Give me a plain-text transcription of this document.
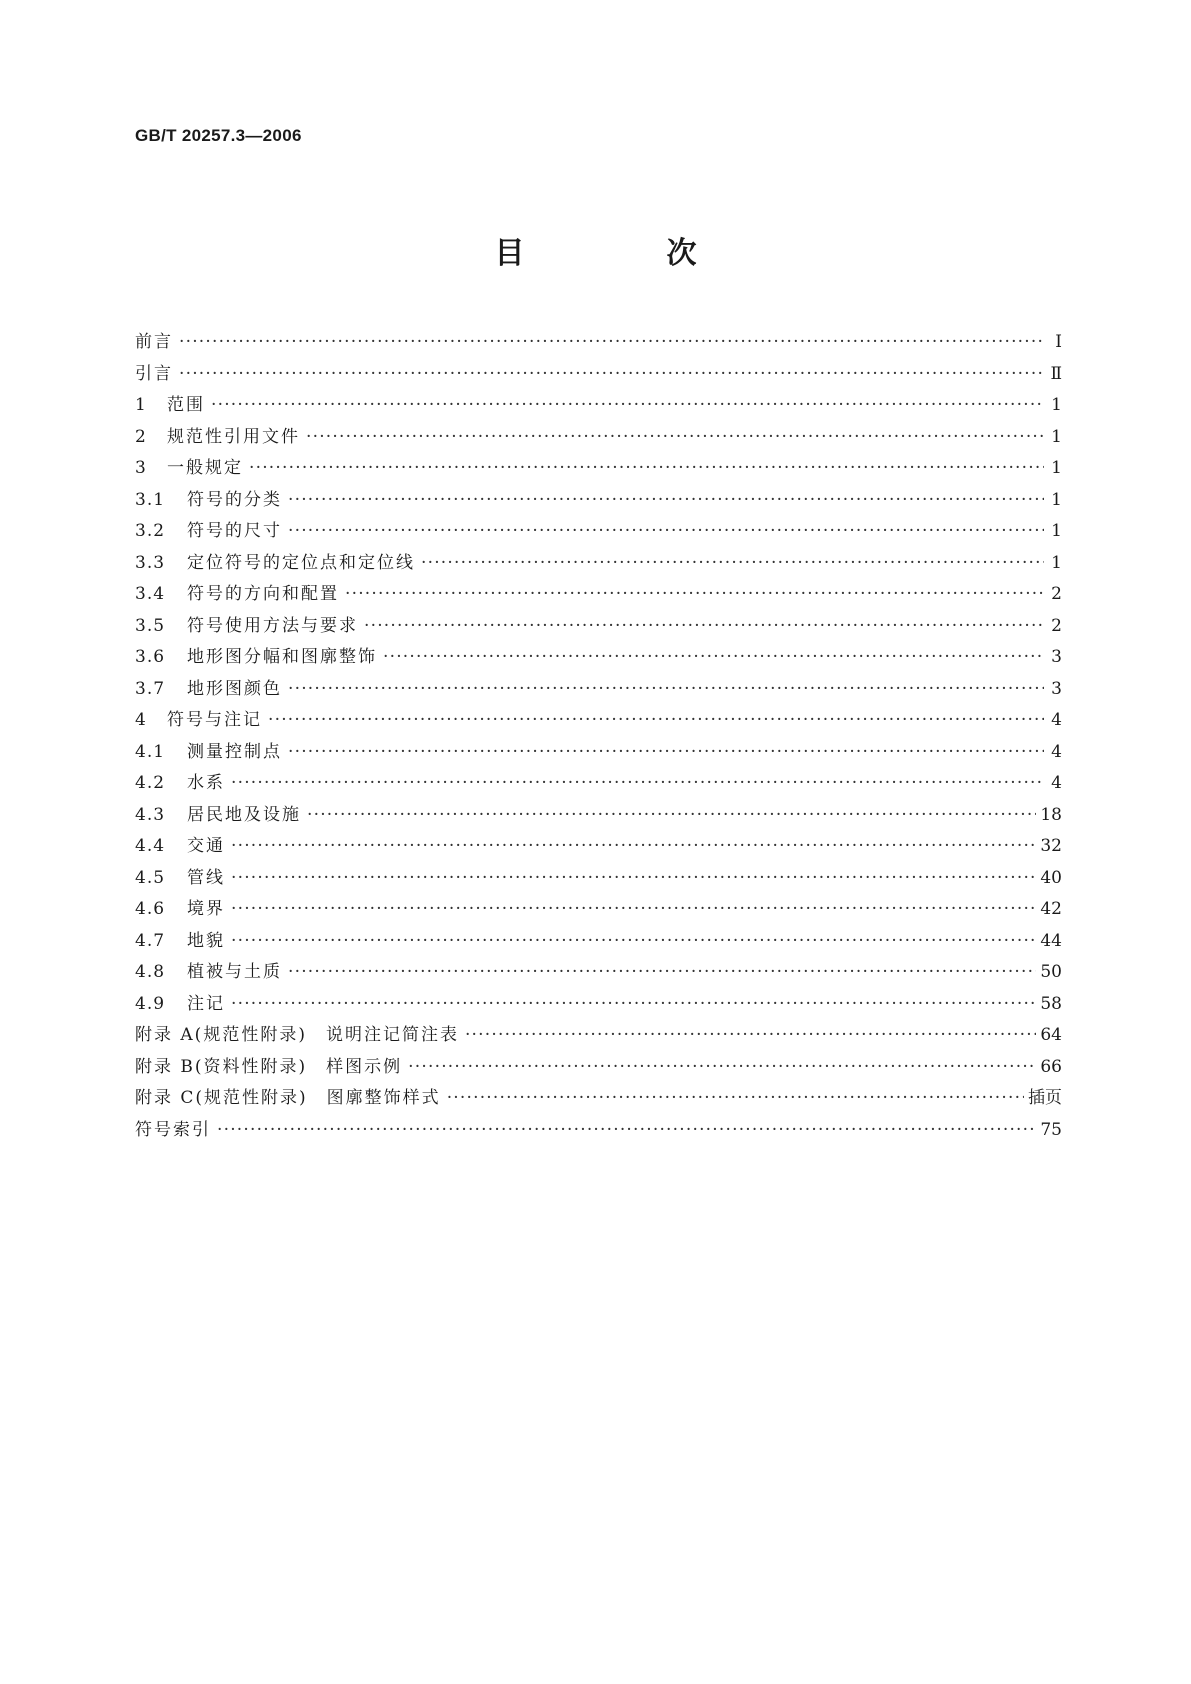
GB/T 20257.3—2006
目　次
前言 ·····	Ⅰ
引言 ·····	Ⅱ
1	范围 ·····	1
2	规范性引用文件 ·····	1
3	一般规定 ·····	1
3.1	符号的分类 ·····	1
3.2	符号的尺寸 ·····	1
3.3	定位符号的定位点和定位线 ·····	1
3.4	符号的方向和配置 ·····	2
3.5	符号使用方法与要求 ·····	2
3.6	地形图分幅和图廓整饰 ·····	3
3.7	地形图颜色 ·····	3
4	符号与注记 ·····	4
4.1	测量控制点 ·····	4
4.2	水系 ·····	4
4.3	居民地及设施 ·····	18
4.4	交通 ·····	32
4.5	管线 ·····	40
4.6	境界 ·····	42
4.7	地貌 ·····	44
4.8	植被与土质 ·····	50
4.9	注记 ·····	58
附录 A(规范性附录)　说明注记简注表 ·····	64
附录 B(资料性附录)　样图示例 ·····	66
附录 C(规范性附录)　图廓整饰样式 ·····	插页
符号索引 ·····	75
